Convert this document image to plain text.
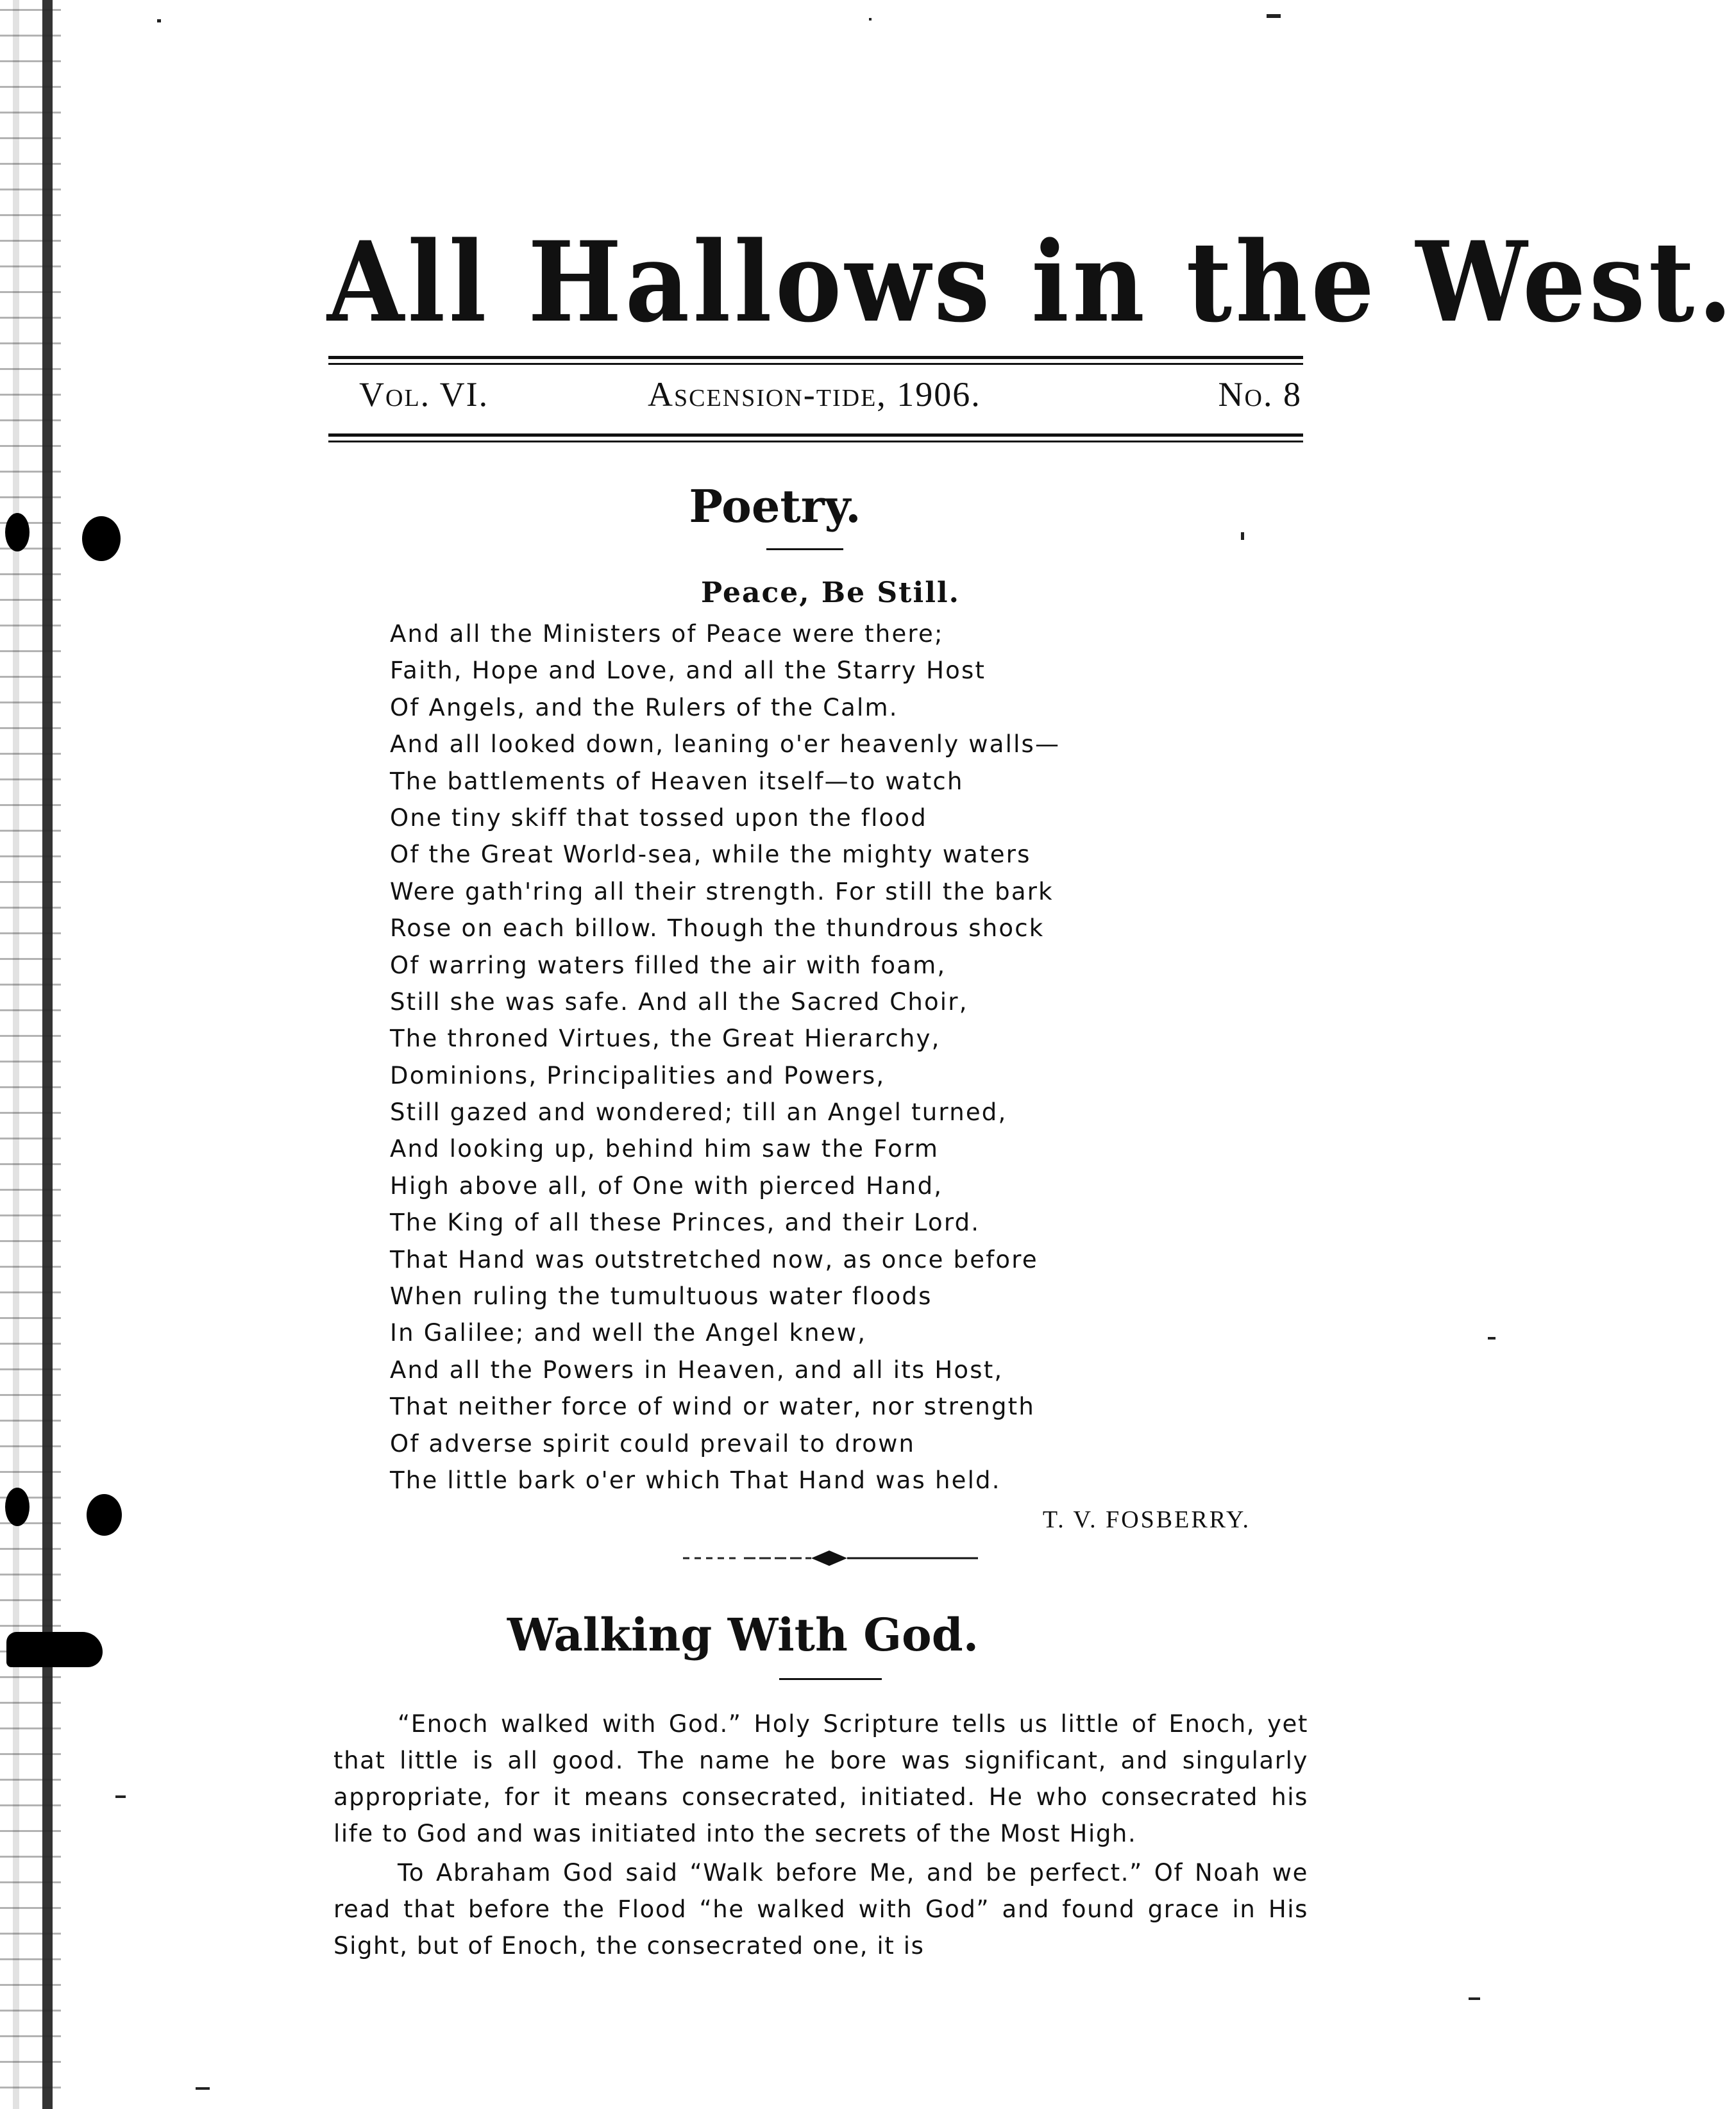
All Hallows in the West.
Vol. VI.	Ascension-tide, 1906.	No. 8
Poetry.
Peace, Be Still.
And all the Ministers of Peace were there;
Faith, Hope and Love, and all the Starry Host
Of Angels, and the Rulers of the Calm.
And all looked down, leaning o'er heavenly walls—
The battlements of Heaven itself—to watch
One tiny skiff that tossed upon the flood
Of the Great World-sea, while the mighty waters
Were gath'ring all their strength. For still the bark
Rose on each billow. Though the thundrous shock
Of warring waters filled the air with foam,
Still she was safe. And all the Sacred Choir,
The throned Virtues, the Great Hierarchy,
Dominions, Principalities and Powers,
Still gazed and wondered; till an Angel turned,
And looking up, behind him saw the Form
High above all, of One with pierced Hand,
The King of all these Princes, and their Lord.
That Hand was outstretched now, as once before
When ruling the tumultuous water floods
In Galilee; and well the Angel knew,
And all the Powers in Heaven, and all its Host,
That neither force of wind or water, nor strength
Of adverse spirit could prevail to drown
The little bark o'er which That Hand was held.
T. V. FOSBERRY.
Walking With God.

“Enoch walked with God.” Holy Scripture tells us little of Enoch, yet that little is all good. The name he bore was significant, and singularly appropriate, for it means consecrated, initiated. He who consecrated his life to God and was initiated into the secrets of the Most High.

To Abraham God said “Walk before Me, and be perfect.” Of Noah we read that before the Flood “he walked with God” and found grace in His Sight, but of Enoch, the consecrated one, it is
